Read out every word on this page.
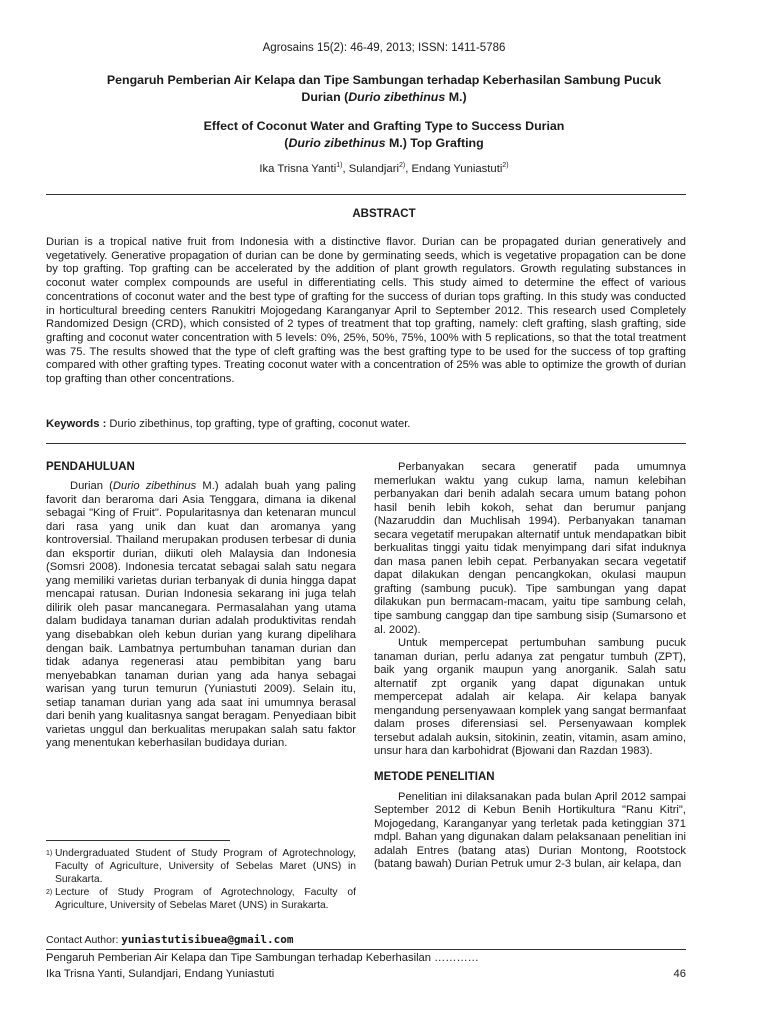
Agrosains 15(2): 46-49, 2013; ISSN: 1411-5786
Pengaruh Pemberian Air Kelapa dan Tipe Sambungan terhadap Keberhasilan Sambung Pucuk
Durian (Durio zibethinus M.)
Effect of Coconut Water and Grafting Type to Success Durian
(Durio zibethinus M.) Top Grafting
Ika Trisna Yanti$^{1)}$, Sulandjari$^{2)}$, Endang Yuniastuti$^{2)}$
ABSTRACT
Durian is a tropical native fruit from Indonesia with a distinctive flavor. Durian can be propagated durian generatively and vegetatively. Generative propagation of durian can be done by germinating seeds, which is vegetative propagation can be done by top grafting. Top grafting can be accelerated by the addition of plant growth regulators. Growth regulating substances in coconut water complex compounds are useful in differentiating cells. This study aimed to determine the effect of various concentrations of coconut water and the best type of grafting for the success of durian tops grafting. In this study was conducted in horticultural breeding centers Ranukitri Mojogedang Karanganyar April to September 2012. This research used Completely Randomized Design (CRD), which consisted of 2 types of treatment that top grafting, namely: cleft grafting, slash grafting, side grafting and coconut water concentration with 5 levels: 0%, 25%, 50%, 75%, 100% with 5 replications, so that the total treatment was 75. The results showed that the type of cleft grafting was the best grafting type to be used for the success of top grafting compared with other grafting types. Treating coconut water with a concentration of 25% was able to optimize the growth of durian top grafting than other concentrations.
Keywords : Durio zibethinus, top grafting, type of grafting, coconut water.
PENDAHULUAN

Durian (Durio zibethinus M.) adalah buah yang paling favorit dan beraroma dari Asia Tenggara, dimana ia dikenal sebagai "King of Fruit". Popularitasnya dan ketenaran muncul dari rasa yang unik dan kuat dan aromanya yang kontroversial. Thailand merupakan produsen terbesar di dunia dan eksportir durian, diikuti oleh Malaysia dan Indonesia (Somsri 2008). Indonesia tercatat sebagai salah satu negara yang memiliki varietas durian terbanyak di dunia hingga dapat mencapai ratusan. Durian Indonesia sekarang ini juga telah dilirik oleh pasar mancanegara. Permasalahan yang utama dalam budidaya tanaman durian adalah produktivitas rendah yang disebabkan oleh kebun durian yang kurang dipelihara dengan baik. Lambatnya pertumbuhan tanaman durian dan tidak adanya regenerasi atau pembibitan yang baru menyebabkan tanaman durian yang ada hanya sebagai warisan yang turun temurun (Yuniastuti 2009). Selain itu, setiap tanaman durian yang ada saat ini umumnya berasal dari benih yang kualitasnya sangat beragam. Penyediaan bibit varietas unggul dan berkualitas merupakan salah satu faktor yang menentukan keberhasilan budidaya durian.

1) Undergraduated Student of Study Program of Agrotechnology, Faculty of Agriculture, University of Sebelas Maret (UNS) in Surakarta.
2) Lecture of Study Program of Agrotechnology, Faculty of Agriculture, University of Sebelas Maret (UNS) in Surakarta.
Contact Author: yuniastutisibuea@gmail.com

Perbanyakan secara generatif pada umumnya memerlukan waktu yang cukup lama, namun kelebihan perbanyakan dari benih adalah secara umum batang pohon hasil benih lebih kokoh, sehat dan berumur panjang (Nazaruddin dan Muchlisah 1994). Perbanyakan tanaman secara vegetatif merupakan alternatif untuk mendapatkan bibit berkualitas tinggi yaitu tidak menyimpang dari sifat induknya dan masa panen lebih cepat. Perbanyakan secara vegetatif dapat dilakukan dengan pencangkokan, okulasi maupun grafting (sambung pucuk). Tipe sambungan yang dapat dilakukan pun bermacam-macam, yaitu tipe sambung celah, tipe sambung canggap dan tipe sambung sisip (Sumarsono et al. 2002).

Untuk mempercepat pertumbuhan sambung pucuk tanaman durian, perlu adanya zat pengatur tumbuh (ZPT), baik yang organik maupun yang anorganik. Salah satu alternatif zpt organik yang dapat digunakan untuk mempercepat adalah air kelapa. Air kelapa banyak mengandung persenyawaan komplek yang sangat bermanfaat dalam proses diferensiasi sel. Persenyawaan komplek tersebut adalah auksin, sitokinin, zeatin, vitamin, asam amino, unsur hara dan karbohidrat (Bjowani dan Razdan 1983).

METODE PENELITIAN

Penelitian ini dilaksanakan pada bulan April 2012 sampai September 2012 di Kebun Benih Hortikultura "Ranu Kitri", Mojogedang, Karanganyar yang terletak pada ketinggian 371 mdpl. Bahan yang digunakan dalam pelaksanaan penelitian ini adalah Entres (batang atas) Durian Montong, Rootstock (batang bawah) Durian Petruk umur 2-3 bulan, air kelapa, dan

Pengaruh Pemberian Air Kelapa dan Tipe Sambungan terhadap Keberhasilan …………
Ika Trisna Yanti, Sulandjari, Endang Yuniastuti	46
